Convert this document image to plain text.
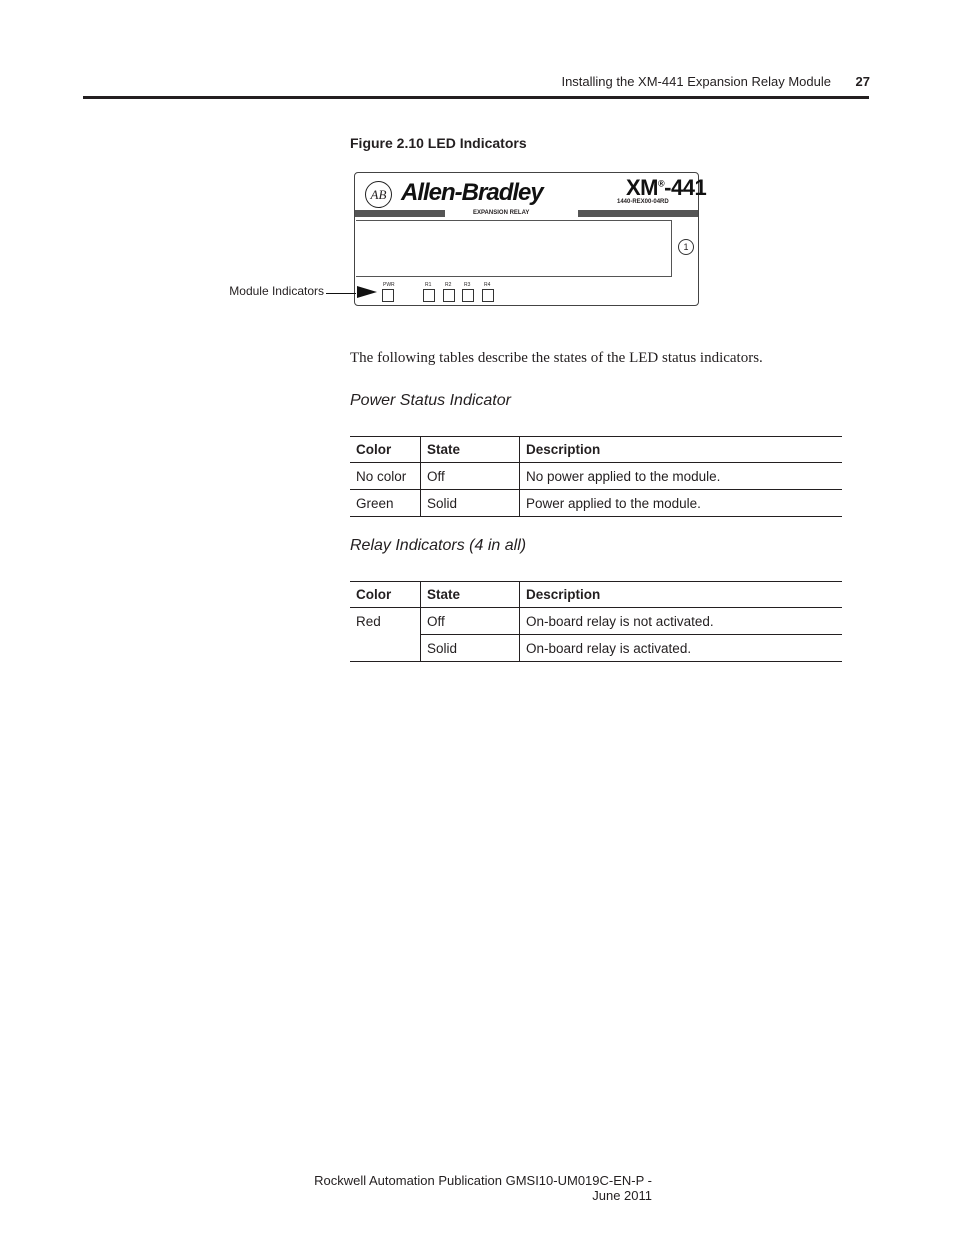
Installing the XM-441 Expansion Relay Module 27
Figure 2.10 LED Indicators
AB Allen-Bradley	XM®-441
1440-REX00-04RD
EXPANSION RELAY
1
PWR	R1	R2	R3	R4
Module Indicators
The following tables describe the states of the LED status indicators.
Power Status Indicator
Color	State	Description
No color	Off	No power applied to the module.
Green	Solid	Power applied to the module.
Relay Indicators (4 in all)
Color	State	Description
Red	Off	On-board relay is not activated.
	Solid	On-board relay is activated.
Rockwell Automation Publication GMSI10-UM019C-EN-P - June 2011
